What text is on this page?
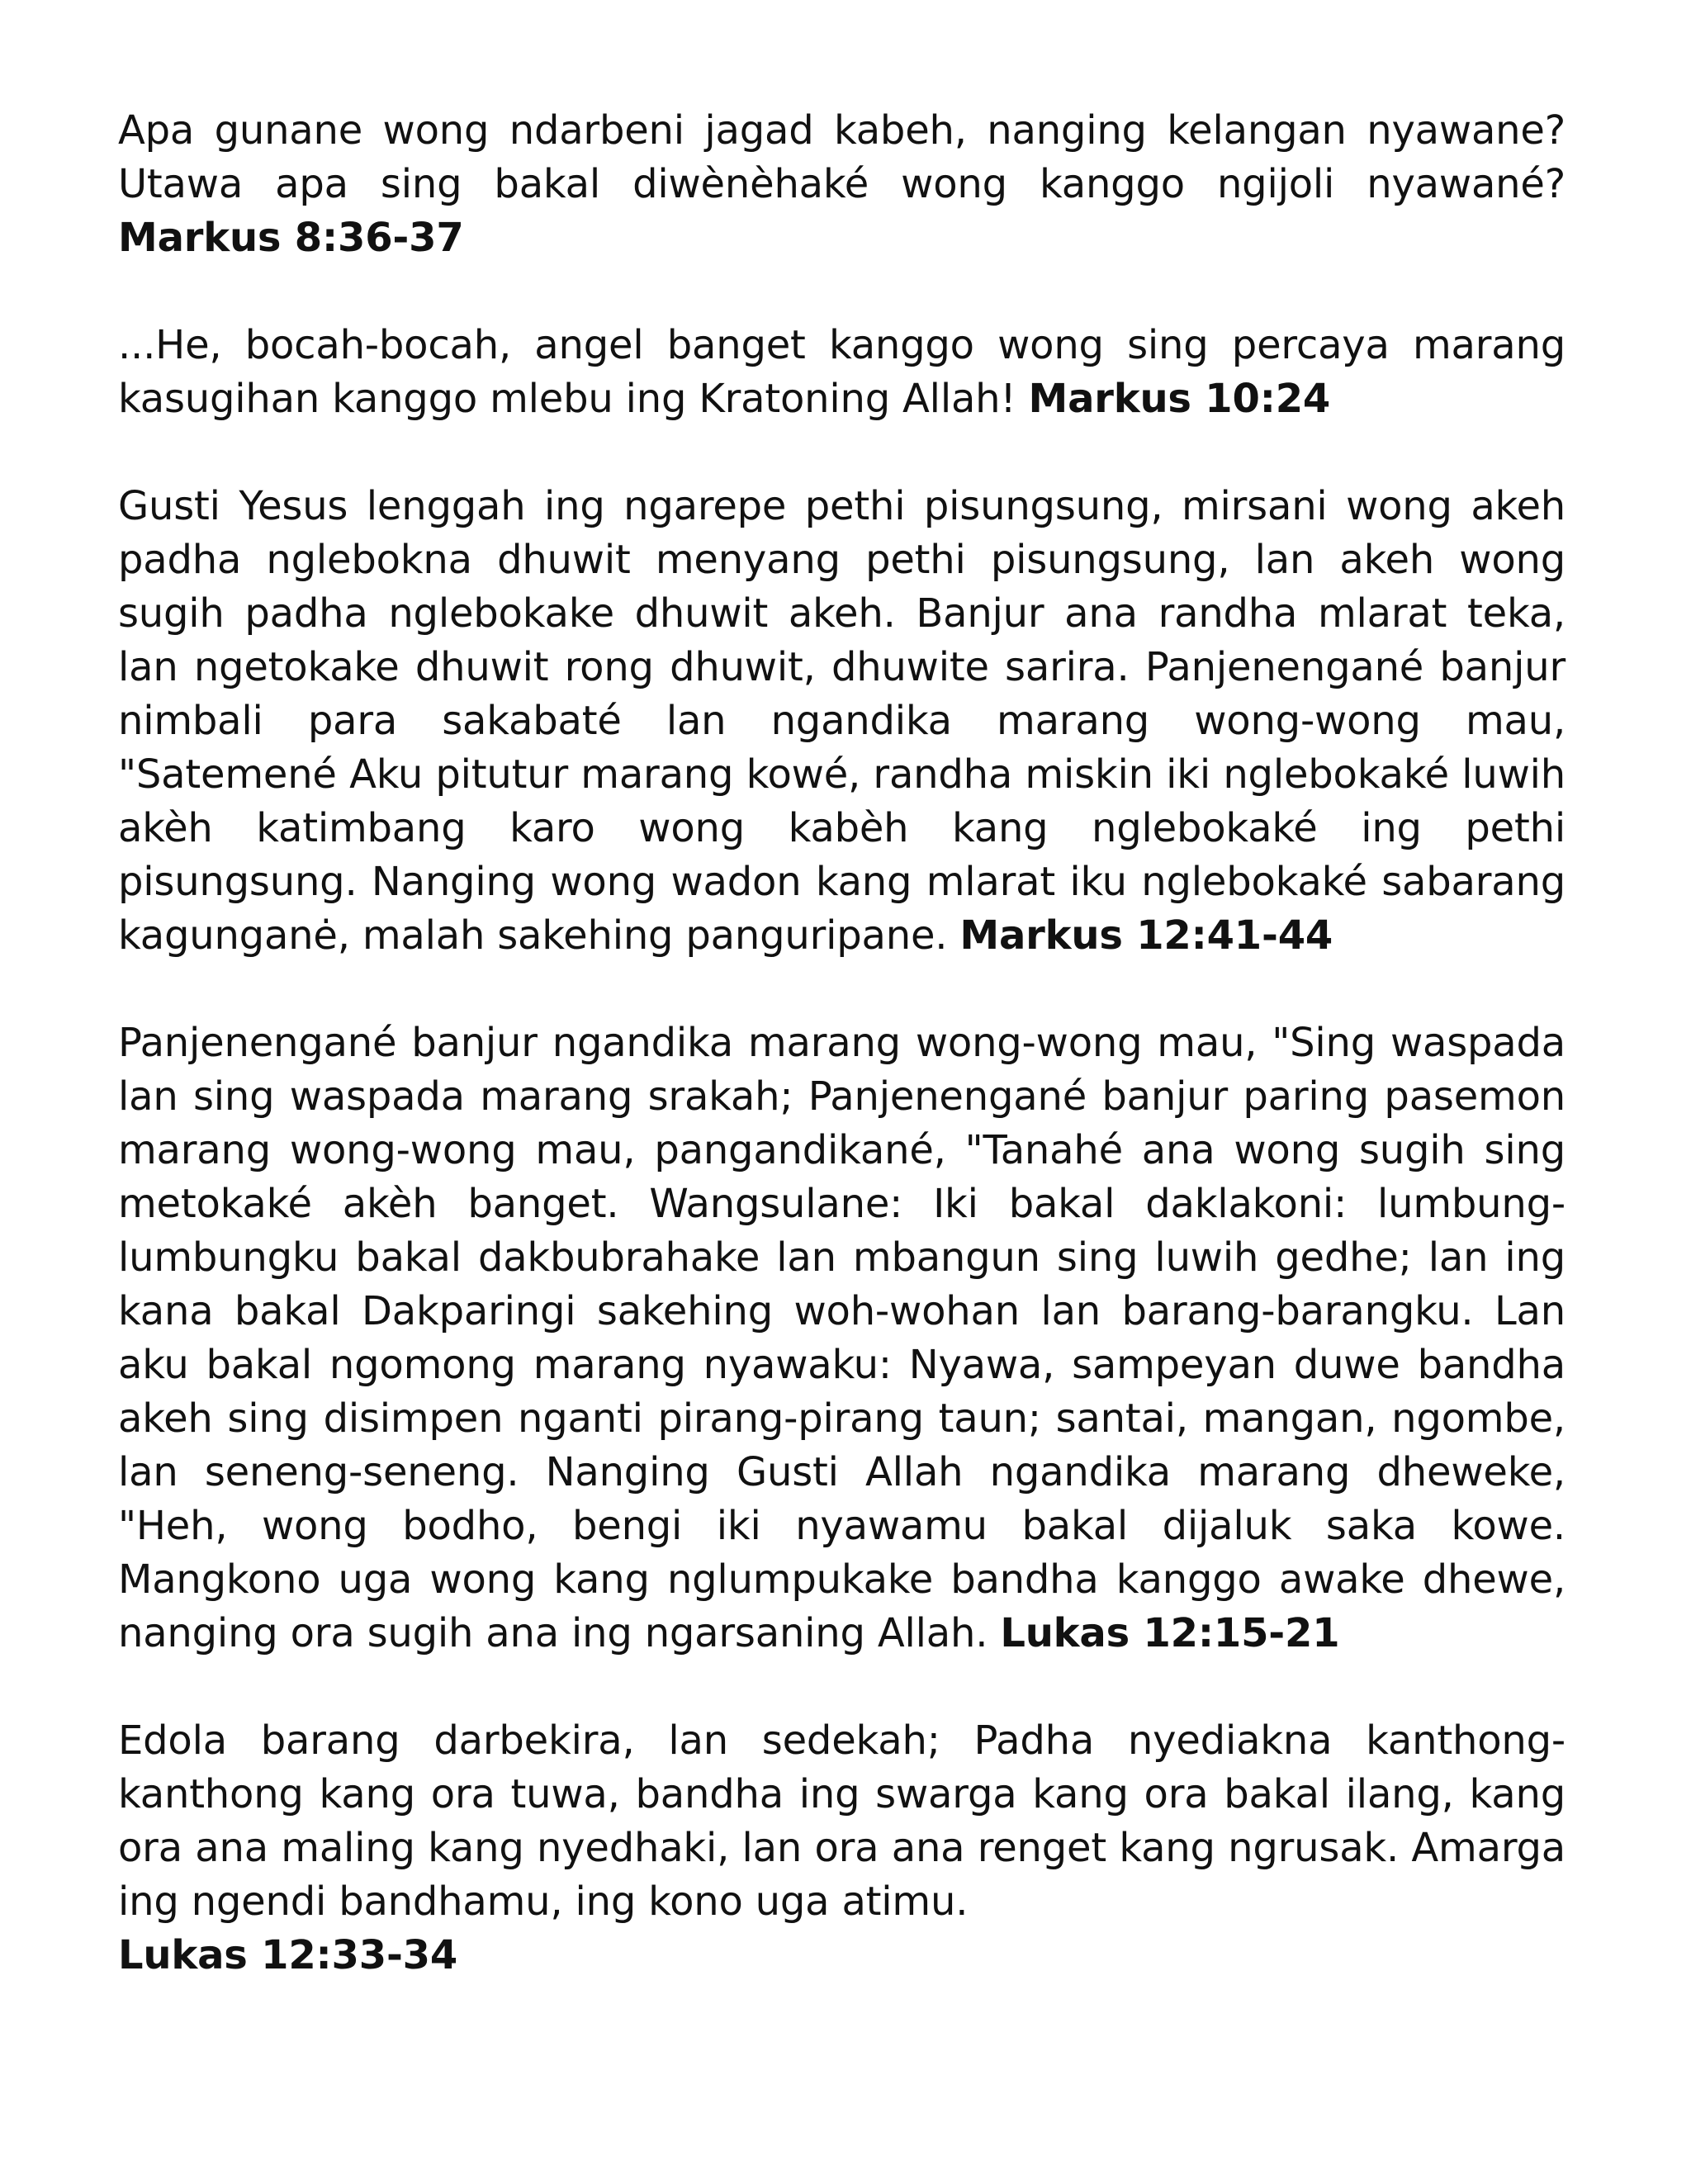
Apa gunane wong ndarbeni jagad kabeh, nanging kelangan nyawane? Utawa apa sing bakal diwènèhaké wong kanggo ngijoli nyawané? Markus 8:36-37

...He, bocah-bocah, angel banget kanggo wong sing percaya marang kasugihan kanggo mlebu ing Kratoning Allah! Markus 10:24

Gusti Yesus lenggah ing ngarepe pethi pisungsung, mirsani wong akeh padha nglebokna dhuwit menyang pethi pisungsung, lan akeh wong sugih padha nglebokake dhuwit akeh. Banjur ana randha mlarat teka, lan ngetokake dhuwit rong dhuwit, dhuwite sarira. Panjenengané banjur nimbali para sakabaté lan ngandika marang wong-wong mau, "Satemené Aku pitutur marang kowé, randha miskin iki nglebokaké luwih akèh katimbang karo wong kabèh kang nglebokaké ing pethi pisungsung. Nanging wong wadon kang mlarat iku nglebokaké sabarang kagunganė, malah sakehing panguripane. Markus 12:41-44

Panjenengané banjur ngandika marang wong-wong mau, "Sing waspada lan sing waspada marang srakah; Panjenengané banjur paring pasemon marang wong-wong mau, pangandikané, "Tanahé ana wong sugih sing metokaké akèh banget. Wangsulane: Iki bakal daklakoni: lumbung-lumbungku bakal dakbubrahake lan mbangun sing luwih gedhe; lan ing kana bakal Dakparingi sakehing woh-wohan lan barang-barangku. Lan aku bakal ngomong marang nyawaku: Nyawa, sampeyan duwe bandha akeh sing disimpen nganti pirang-pirang taun; santai, mangan, ngombe, lan seneng-seneng. Nanging Gusti Allah ngandika marang dheweke, "Heh, wong bodho, bengi iki nyawamu bakal dijaluk saka kowe. Mangkono uga wong kang nglumpukake bandha kanggo awake dhewe, nanging ora sugih ana ing ngarsaning Allah. Lukas 12:15-21

Edola barang darbekira, lan sedekah; Padha nyediakna kanthong-kanthong kang ora tuwa, bandha ing swarga kang ora bakal ilang, kang ora ana maling kang nyedhaki, lan ora ana renget kang ngrusak. Amarga ing ngendi bandhamu, ing kono uga atimu.
Lukas 12:33-34
